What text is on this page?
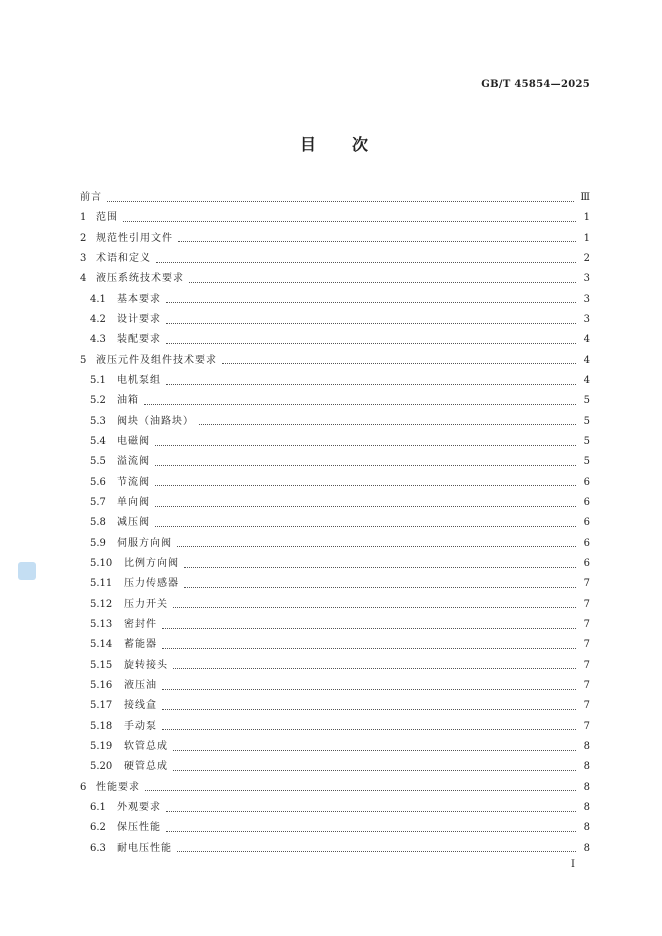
GB/T 45854—2025
目次
前言	Ⅲ
1 范围	1
2 规范性引用文件	1
3 术语和定义	2
4 液压系统技术要求	3
4.1	基本要求	3
4.2	设计要求	3
4.3	装配要求	4
5 液压元件及组件技术要求	4
5.1	电机泵组	4
5.2	油箱	5
5.3	阀块（油路块）	5
5.4	电磁阀	5
5.5	溢流阀	5
5.6	节流阀	6
5.7	单向阀	6
5.8	减压阀	6
5.9	伺服方向阀	6
5.10	比例方向阀	6
5.11	压力传感器	7
5.12	压力开关	7
5.13	密封件	7
5.14	蓄能器	7
5.15	旋转接头	7
5.16	液压油	7
5.17	接线盒	7
5.18	手动泵	7
5.19	软管总成	8
5.20	硬管总成	8
6 性能要求	8
6.1	外观要求	8
6.2	保压性能	8
6.3	耐电压性能	8
I
